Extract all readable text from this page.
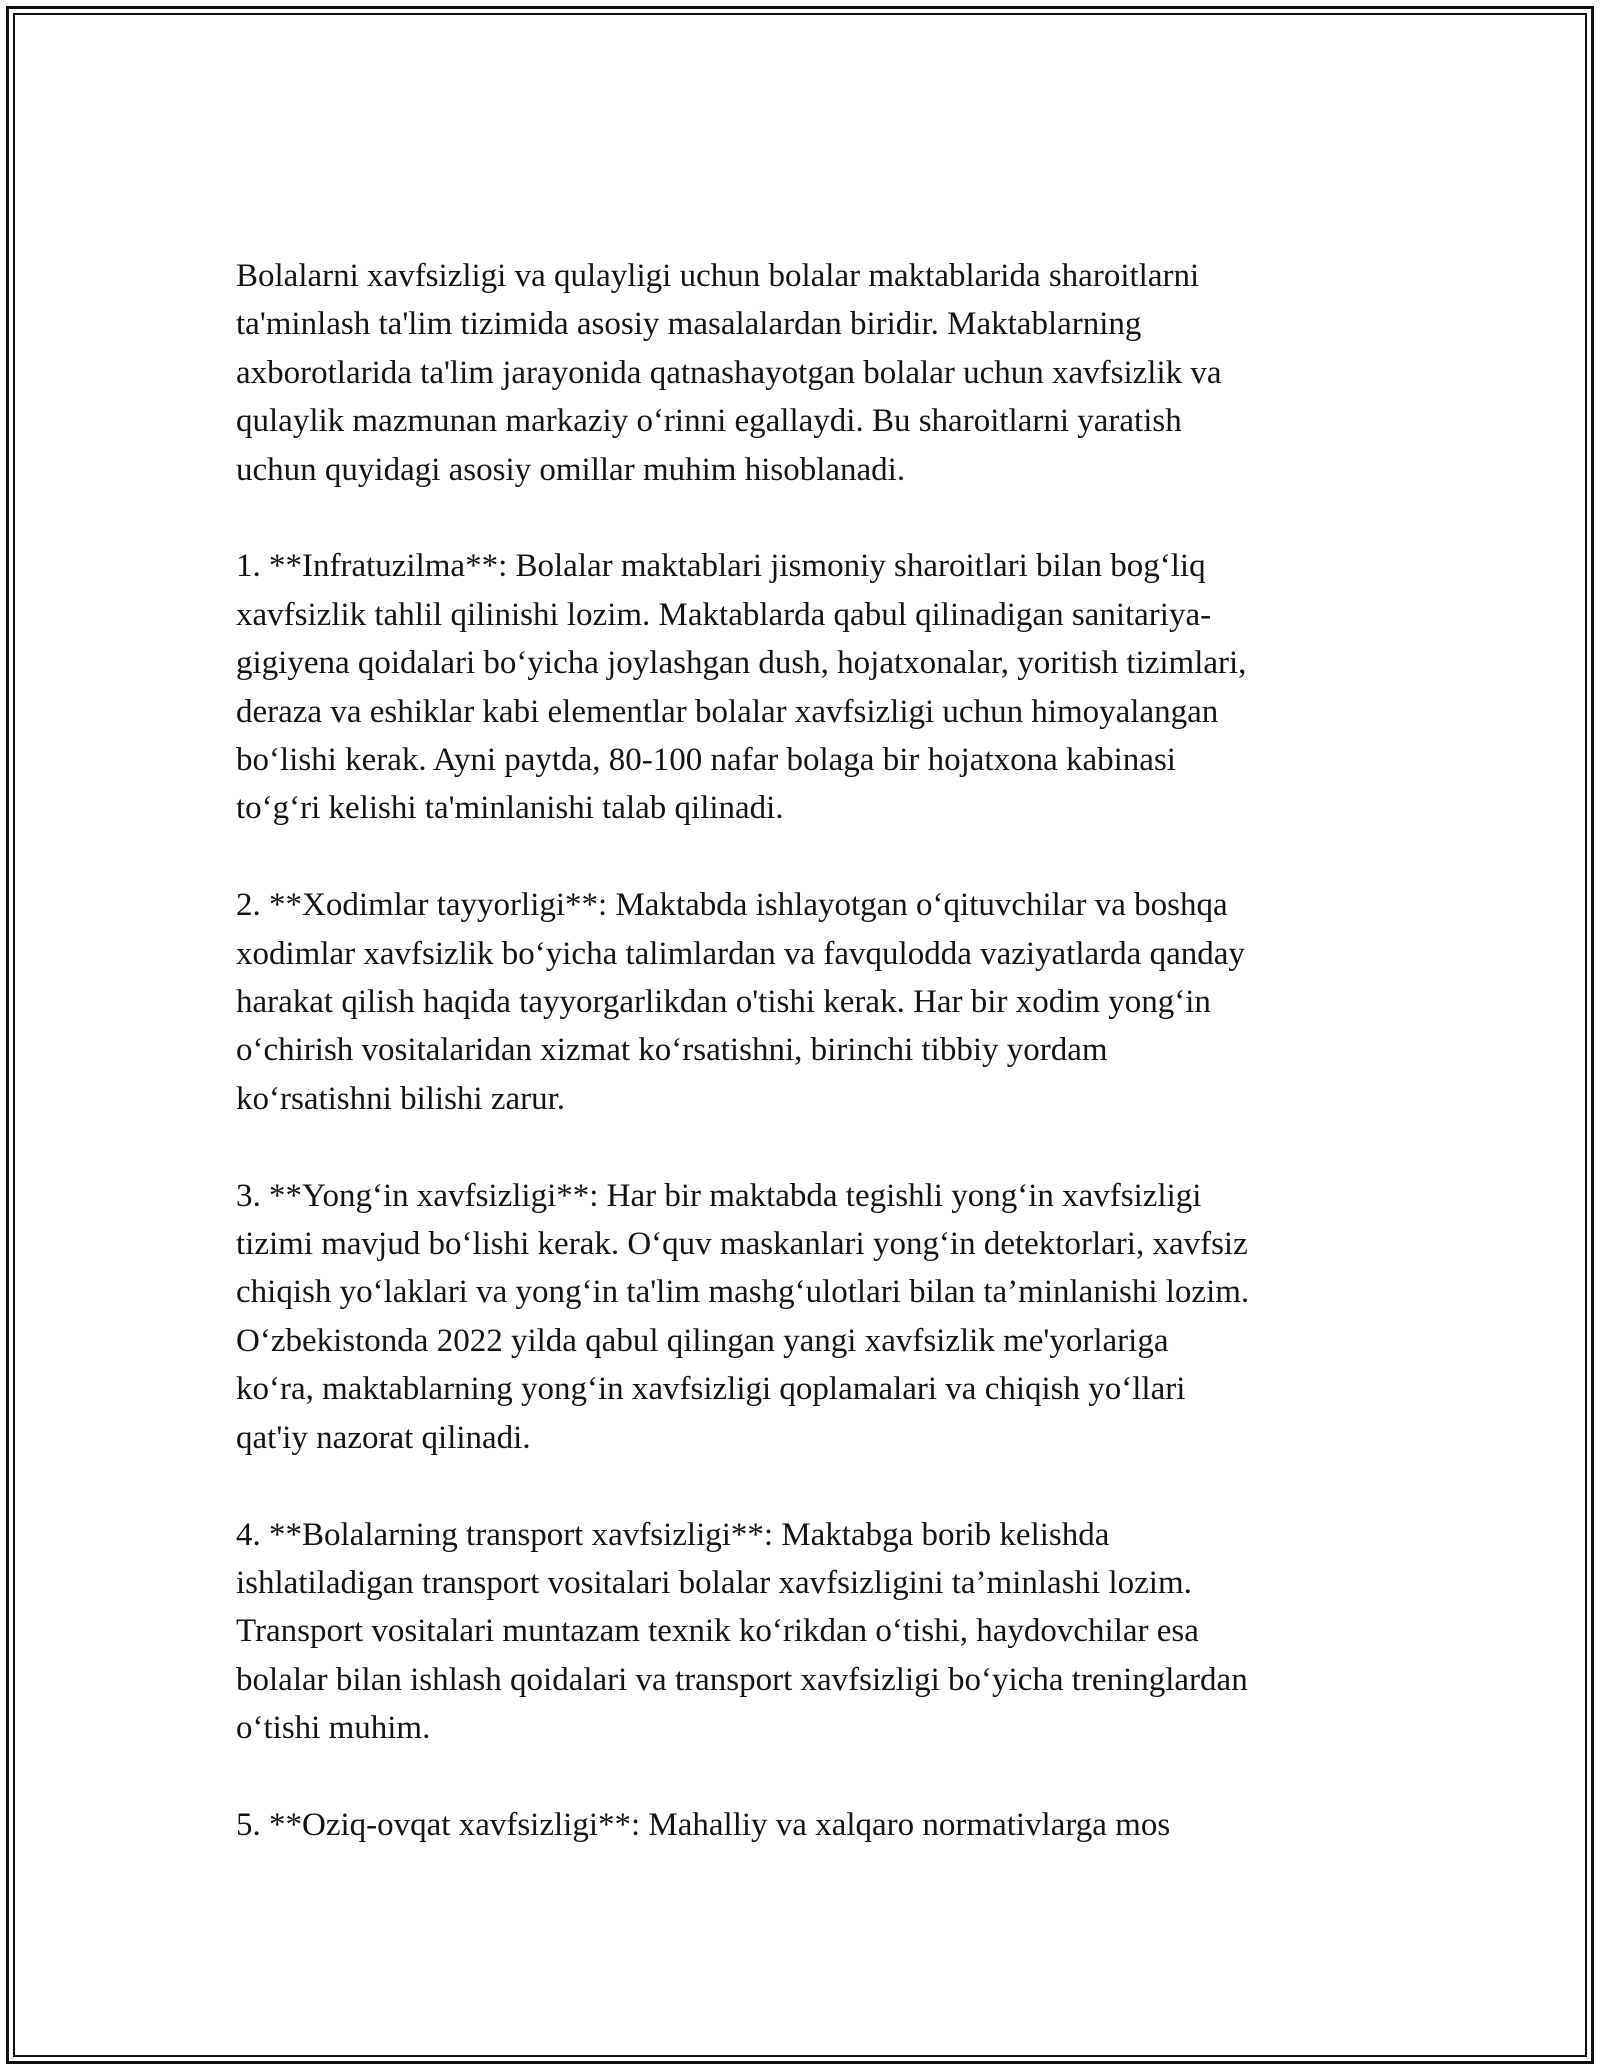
Bolalarni xavfsizligi va qulayligi uchun bolalar maktablarida sharoitlarni
ta'minlash ta'lim tizimida asosiy masalalardan biridir. Maktablarning
axborotlarida ta'lim jarayonida qatnashayotgan bolalar uchun xavfsizlik va
qulaylik mazmunan markaziy o‘rinni egallaydi. Bu sharoitlarni yaratish
uchun quyidagi asosiy omillar muhim hisoblanadi.

1. **Infratuzilma**: Bolalar maktablari jismoniy sharoitlari bilan bog‘liq
xavfsizlik tahlil qilinishi lozim. Maktablarda qabul qilinadigan sanitariya-
gigiyena qoidalari bo‘yicha joylashgan dush, hojatxonalar, yoritish tizimlari,
deraza va eshiklar kabi elementlar bolalar xavfsizligi uchun himoyalangan
bo‘lishi kerak. Ayni paytda, 80-100 nafar bolaga bir hojatxona kabinasi
to‘g‘ri kelishi ta'minlanishi talab qilinadi.

2. **Xodimlar tayyorligi**: Maktabda ishlayotgan o‘qituvchilar va boshqa
xodimlar xavfsizlik bo‘yicha talimlardan va favqulodda vaziyatlarda qanday
harakat qilish haqida tayyorgarlikdan o'tishi kerak. Har bir xodim yong‘in
o‘chirish vositalaridan xizmat ko‘rsatishni, birinchi tibbiy yordam
ko‘rsatishni bilishi zarur.

3. **Yong‘in xavfsizligi**: Har bir maktabda tegishli yong‘in xavfsizligi
tizimi mavjud bo‘lishi kerak. O‘quv maskanlari yong‘in detektorlari, xavfsiz
chiqish yo‘laklari va yong‘in ta'lim mashg‘ulotlari bilan ta’minlanishi lozim.
O‘zbekistonda 2022 yilda qabul qilingan yangi xavfsizlik me'yorlariga
ko‘ra, maktablarning yong‘in xavfsizligi qoplamalari va chiqish yo‘llari
qat'iy nazorat qilinadi.

4. **Bolalarning transport xavfsizligi**: Maktabga borib kelishda
ishlatiladigan transport vositalari bolalar xavfsizligini ta’minlashi lozim.
Transport vositalari muntazam texnik ko‘rikdan o‘tishi, haydovchilar esa
bolalar bilan ishlash qoidalari va transport xavfsizligi bo‘yicha treninglardan
o‘tishi muhim.

5. **Oziq-ovqat xavfsizligi**: Mahalliy va xalqaro normativlarga mos
